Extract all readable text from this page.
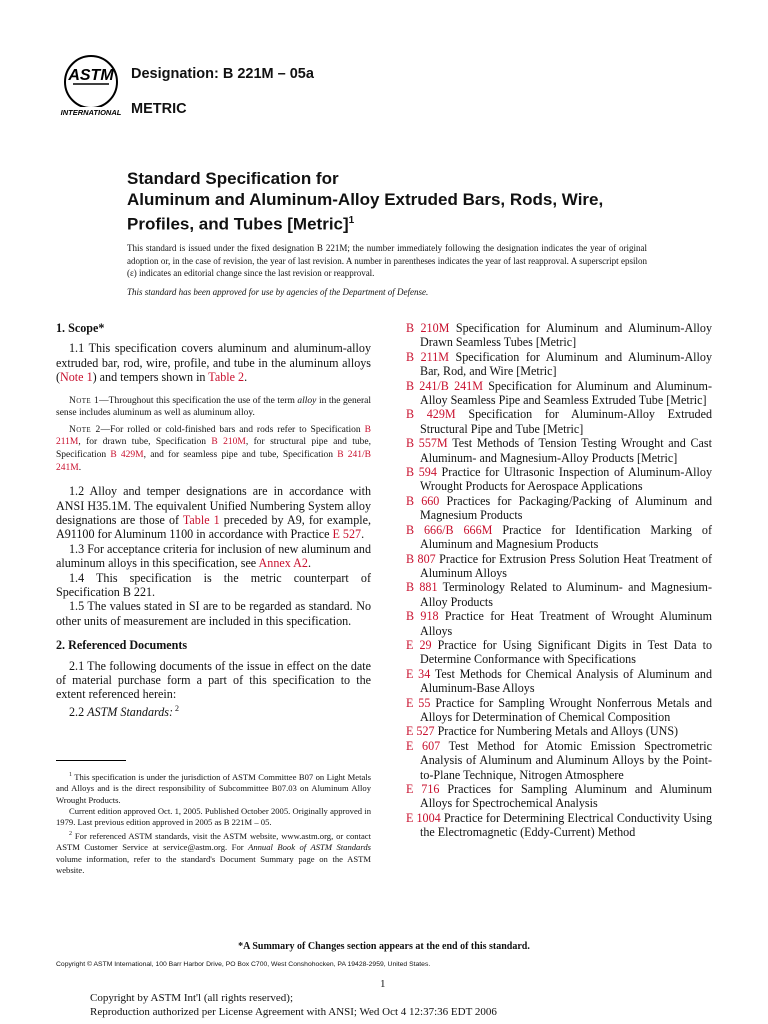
ASTM
INTERNATIONAL
Designation: B 221M – 05a
METRIC
Standard Specification for
Aluminum and Aluminum-Alloy Extruded Bars, Rods, Wire,
Profiles, and Tubes [Metric]$^1$
This standard is issued under the fixed designation B 221M; the number immediately following the designation indicates the year of original adoption or, in the case of revision, the year of last revision. A number in parentheses indicates the year of last reapproval. A superscript epsilon (ε) indicates an editorial change since the last revision or reapproval.
This standard has been approved for use by agencies of the Department of Defense.

1. Scope*

1.1 This specification covers aluminum and aluminum-alloy extruded bar, rod, wire, profile, and tube in the aluminum alloys (Note 1) and tempers shown in Table 2.

Note 1—Throughout this specification the use of the term alloy in the general sense includes aluminum as well as aluminum alloy.

Note 2—For rolled or cold-finished bars and rods refer to Specification B 211M, for drawn tube, Specification B 210M, for structural pipe and tube, Specification B 429M, and for seamless pipe and tube, Specification B 241/B 241M.

1.2 Alloy and temper designations are in accordance with ANSI H35.1M. The equivalent Unified Numbering System alloy designations are those of Table 1 preceded by A9, for example, A91100 for Aluminum 1100 in accordance with Practice E 527.

1.3 For acceptance criteria for inclusion of new aluminum and aluminum alloys in this specification, see Annex A2.

1.4 This specification is the metric counterpart of Specification B 221.

1.5 The values stated in SI are to be regarded as standard. No other units of measurement are included in this specification.

2. Referenced Documents

2.1 The following documents of the issue in effect on the date of material purchase form a part of this specification to the extent referenced herein:

2.2 ASTM Standards: $^2$

B 210M Specification for Aluminum and Aluminum-Alloy Drawn Seamless Tubes [Metric]

B 211M Specification for Aluminum and Aluminum-Alloy Bar, Rod, and Wire [Metric]

B 241/B 241M Specification for Aluminum and Aluminum-Alloy Seamless Pipe and Seamless Extruded Tube [Metric]

B 429M Specification for Aluminum-Alloy Extruded Structural Pipe and Tube [Metric]

B 557M Test Methods of Tension Testing Wrought and Cast Aluminum- and Magnesium-Alloy Products [Metric]

B 594 Practice for Ultrasonic Inspection of Aluminum-Alloy Wrought Products for Aerospace Applications

B 660 Practices for Packaging/Packing of Aluminum and Magnesium Products

B 666/B 666M Practice for Identification Marking of Aluminum and Magnesium Products

B 807 Practice for Extrusion Press Solution Heat Treatment of Aluminum Alloys

B 881 Terminology Related to Aluminum- and Magnesium-Alloy Products

B 918 Practice for Heat Treatment of Wrought Aluminum Alloys

E 29 Practice for Using Significant Digits in Test Data to Determine Conformance with Specifications

E 34 Test Methods for Chemical Analysis of Aluminum and Aluminum-Base Alloys

E 55 Practice for Sampling Wrought Nonferrous Metals and Alloys for Determination of Chemical Composition

E 527 Practice for Numbering Metals and Alloys (UNS)

E 607 Test Method for Atomic Emission Spectrometric Analysis of Aluminum and Aluminum Alloys by the Point-to-Plane Technique, Nitrogen Atmosphere

E 716 Practices for Sampling Aluminum and Aluminum Alloys for Spectrochemical Analysis

E 1004 Practice for Determining Electrical Conductivity Using the Electromagnetic (Eddy-Current) Method

$^1$ This specification is under the jurisdiction of ASTM Committee B07 on Light Metals and Alloys and is the direct responsibility of Subcommittee B07.03 on Aluminum Alloy Wrought Products.

Current edition approved Oct. 1, 2005. Published October 2005. Originally approved in 1979. Last previous edition approved in 2005 as B 221M – 05.

$^2$ For referenced ASTM standards, visit the ASTM website, www.astm.org, or contact ASTM Customer Service at service@astm.org. For Annual Book of ASTM Standards volume information, refer to the standard's Document Summary page on the ASTM website.

*A Summary of Changes section appears at the end of this standard.
Copyright © ASTM International, 100 Barr Harbor Drive, PO Box C700, West Conshohocken, PA 19428-2959, United States.
1
Copyright by ASTM Int'l (all rights reserved);
Reproduction authorized per License Agreement with ANSI; Wed Oct 4 12:37:36 EDT 2006
